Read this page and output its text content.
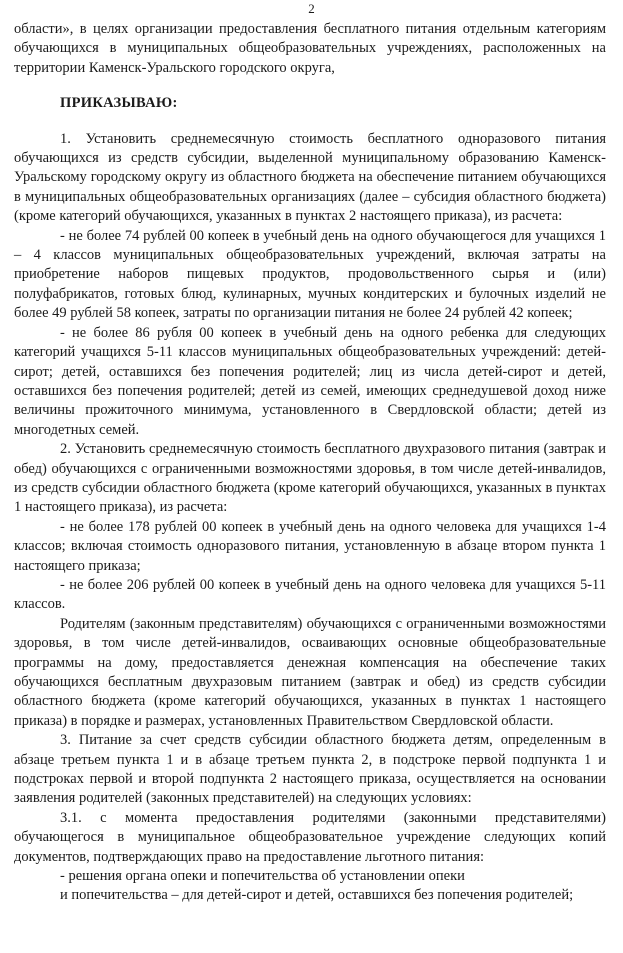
2

области», в целях организации предоставления бесплатного питания отдельным категориям обучающихся в муниципальных общеобразовательных учреждениях, расположенных на территории Каменск-Уральского городского округа,

ПРИКАЗЫВАЮ:

1. Установить среднемесячную стоимость бесплатного одноразового питания обучающихся из средств субсидии, выделенной муниципальному образованию Каменск-Уральскому городскому округу из областного бюджета на обеспечение питанием обучающихся в муниципальных общеобразовательных организациях (далее – субсидия областного бюджета) (кроме категорий обучающихся, указанных в пунктах 2 настоящего приказа), из расчета:

- не более 74 рублей 00 копеек в учебный день на одного обучающегося для учащихся 1 – 4 классов муниципальных общеобразовательных учреждений, включая затраты на приобретение наборов пищевых продуктов, продовольственного сырья и (или) полуфабрикатов, готовых блюд, кулинарных, мучных кондитерских и булочных изделий не более 49 рублей 58 копеек, затраты по организации питания не более 24 рублей 42 копеек;

- не более 86 рубля 00 копеек в учебный день на одного ребенка для следующих категорий учащихся 5-11 классов муниципальных общеобразовательных учреждений: детей-сирот; детей, оставшихся без попечения родителей; лиц из числа детей-сирот и детей, оставшихся без попечения родителей; детей из семей, имеющих среднедушевой доход ниже величины прожиточного минимума, установленного в Свердловской области; детей из многодетных семей.

2. Установить среднемесячную стоимость бесплатного двухразового питания (завтрак и обед) обучающихся с ограниченными возможностями здоровья, в том числе детей-инвалидов, из средств субсидии областного бюджета (кроме категорий обучающихся, указанных в пунктах 1 настоящего приказа), из расчета:

- не более 178 рублей 00 копеек в учебный день на одного человека для учащихся 1-4 классов; включая стоимость одноразового питания, установленную в абзаце втором пункта 1 настоящего приказа;

- не более 206 рублей 00 копеек в учебный день на одного человека для учащихся 5-11 классов.

Родителям (законным представителям) обучающихся с ограниченными возможностями здоровья, в том числе детей-инвалидов, осваивающих основные общеобразовательные программы на дому, предоставляется денежная компенсация на обеспечение таких обучающихся бесплатным двухразовым питанием (завтрак и обед) из средств субсидии областного бюджета (кроме категорий обучающихся, указанных в пунктах 1 настоящего приказа) в порядке и размерах, установленных Правительством Свердловской области.

3. Питание за счет средств субсидии областного бюджета детям, определенным в абзаце третьем пункта 1 и в абзаце третьем пункта 2, в подстроке первой подпункта 1 и подстроках первой и второй подпункта 2 настоящего приказа, осуществляется на основании заявления родителей (законных представителей) на следующих условиях:

3.1. с момента предоставления родителями (законными представителями) обучающегося в муниципальное общеобразовательное учреждение следующих копий документов, подтверждающих право на предоставление льготного питания:

- решения органа опеки и попечительства об установлении опеки

и попечительства – для детей-сирот и детей, оставшихся без попечения родителей;
